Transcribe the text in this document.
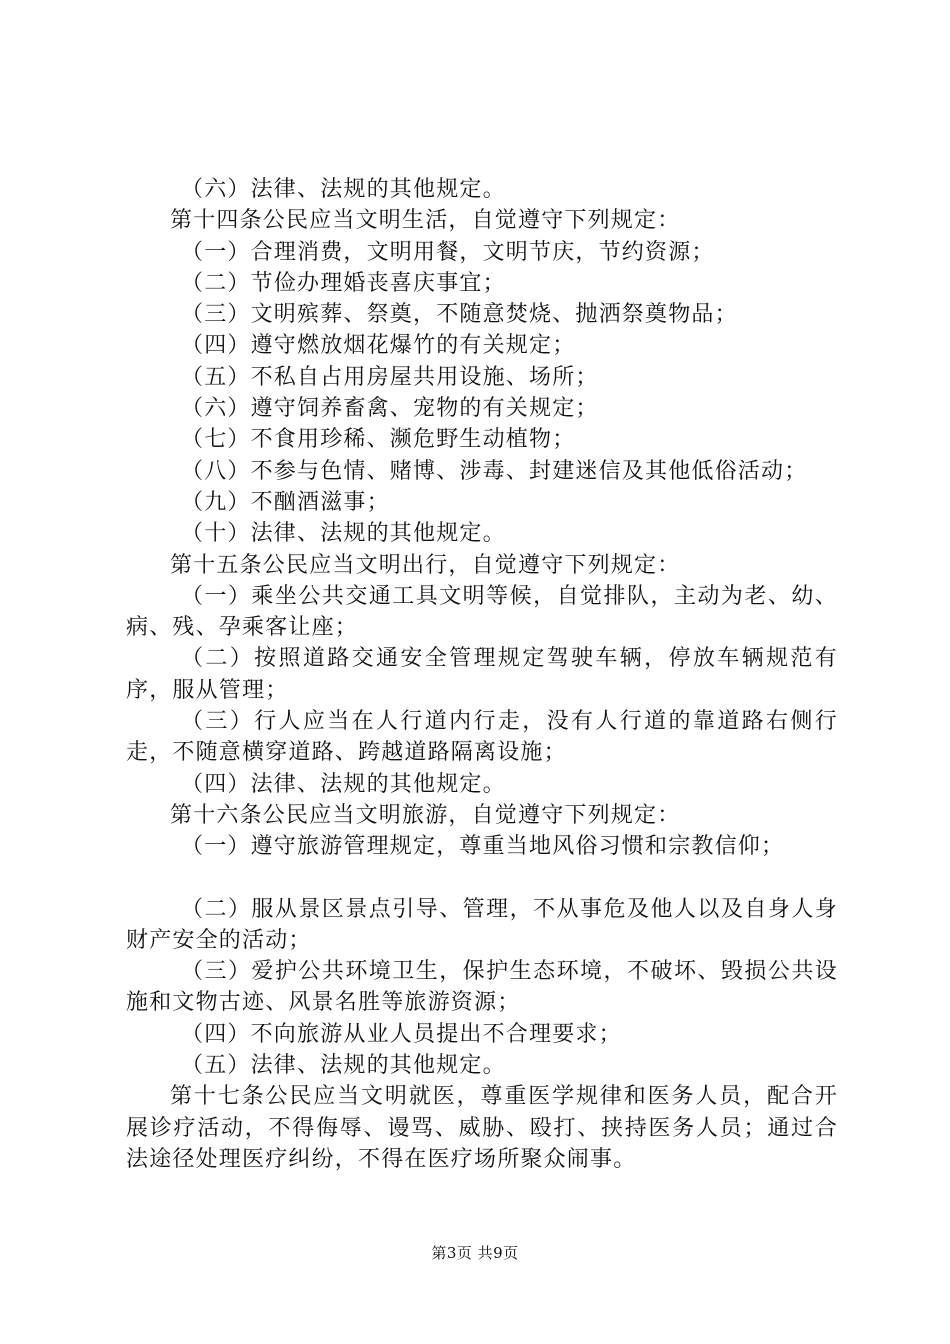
（六）法律、法规的其他规定。

第十四条公民应当文明生活，自觉遵守下列规定：

（一）合理消费，文明用餐，文明节庆，节约资源；

（二）节俭办理婚丧喜庆事宜；

（三）文明殡葬、祭奠，不随意焚烧、抛洒祭奠物品；

（四）遵守燃放烟花爆竹的有关规定；

（五）不私自占用房屋共用设施、场所；

（六）遵守饲养畜禽、宠物的有关规定；

（七）不食用珍稀、濒危野生动植物；

（八）不参与色情、赌博、涉毒、封建迷信及其他低俗活动；

（九）不酗酒滋事；

（十）法律、法规的其他规定。

第十五条公民应当文明出行，自觉遵守下列规定：

（一）乘坐公共交通工具文明等候，自觉排队，主动为老、幼、病、残、孕乘客让座；

（二）按照道路交通安全管理规定驾驶车辆，停放车辆规范有序，服从管理；

（三）行人应当在人行道内行走，没有人行道的靠道路右侧行走，不随意横穿道路、跨越道路隔离设施；

（四）法律、法规的其他规定。

第十六条公民应当文明旅游，自觉遵守下列规定：

（一）遵守旅游管理规定，尊重当地风俗习惯和宗教信仰；

（二）服从景区景点引导、管理，不从事危及他人以及自身人身财产安全的活动；

（三）爱护公共环境卫生，保护生态环境，不破坏、毁损公共设施和文物古迹、风景名胜等旅游资源；

（四）不向旅游从业人员提出不合理要求；

（五）法律、法规的其他规定。

第十七条公民应当文明就医，尊重医学规律和医务人员，配合开展诊疗活动，不得侮辱、谩骂、威胁、殴打、挟持医务人员；通过合法途径处理医疗纠纷，不得在医疗场所聚众闹事。

第3页 共9页
